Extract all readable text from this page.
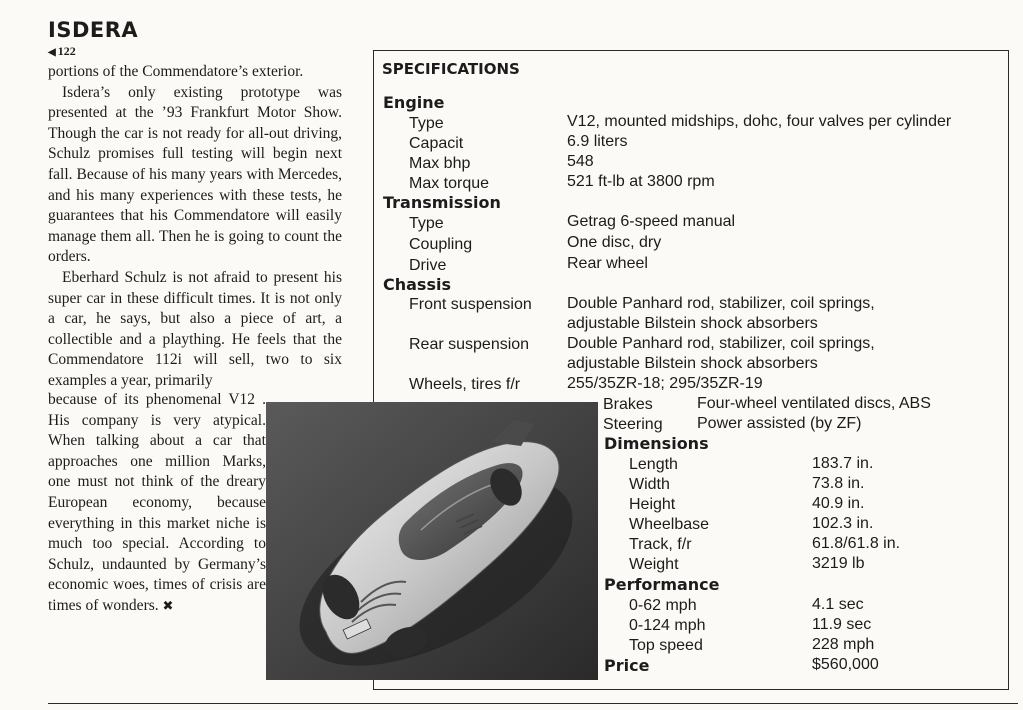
ISDERA
◀ 122

portions of the Commendatore’s exterior.

Isdera’s only existing prototype was presented at the ’93 Frankfurt Motor Show. Though the car is not ready for all-out driving, Schulz promises full testing will begin next fall. Because of his many years with Mercedes, and his many experiences with these tests, he guarantees that his Commendatore will easily manage them all. Then he is going to count the orders.

Eberhard Schulz is not afraid to present his super car in these difficult times. It is not only a car, he says, but also a piece of art, a collectible and a plaything. He feels that the Commendatore 112i will sell, two to six examples a year, primarily

because of its phenomenal V12 . His company is very atypical. When talking about a car that approaches one million Marks, one must not think of the dreary European economy, because everything in this market niche is much too special. According to Schulz, undaunted by Germany’s economic woes, times of crisis are times of wonders. ✖

SPECIFICATIONS
Engine
Type	V12, mounted midships, dohc, four valves per cylinder
Capacit	6.9 liters
Max bhp	548
Max torque	521 ft-lb at 3800 rpm
Transmission
Type	Getrag 6-speed manual
Coupling	One disc, dry
Drive	Rear wheel
Chassis
Front suspension Double Panhard rod, stabilizer, coil springs,
adjustable Bilstein shock absorbers
Rear suspension Double Panhard rod, stabilizer, coil springs,
adjustable Bilstein shock absorbers
Wheels, tires f/r	255/35ZR-18; 295/35ZR-19
Brakes	Four-wheel ventilated discs, ABS
Steering Power assisted (by ZF)
Dimensions
Length	183.7 in.
Width	73.8 in.
Height	40.9 in.
Wheelbase	102.3 in.
Track, f/r	61.8/61.8 in.
Weight	3219 lb
Performance
0-62 mph	4.1 sec
0-124 mph	11.9 sec
Top speed	228 mph
Price	$560,000
